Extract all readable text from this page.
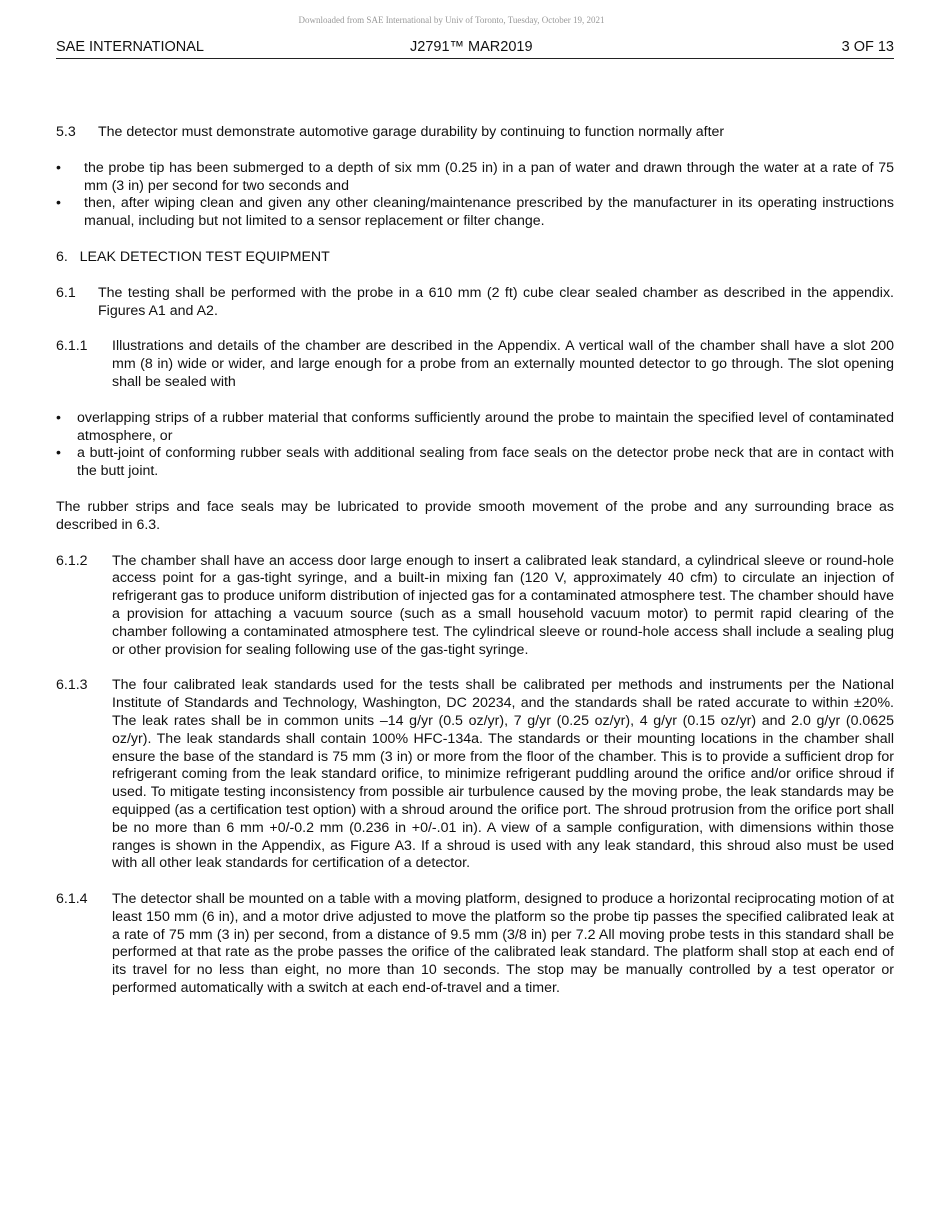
Downloaded from SAE International by Univ of Toronto, Tuesday, October 19, 2021
SAE INTERNATIONAL	J2791™ MAR2019	3 OF 13
5.3	The detector must demonstrate automotive garage durability by continuing to function normally after
•	the probe tip has been submerged to a depth of six mm (0.25 in) in a pan of water and drawn through the water at a rate of 75 mm (3 in) per second for two seconds and
•	then, after wiping clean and given any other cleaning/maintenance prescribed by the manufacturer in its operating instructions manual, including but not limited to a sensor replacement or filter change.

6.   LEAK DETECTION TEST EQUIPMENT

6.1	The testing shall be performed with the probe in a 610 mm (2 ft) cube clear sealed chamber as described in the appendix. Figures A1 and A2.
6.1.1	Illustrations and details of the chamber are described in the Appendix. A vertical wall of the chamber shall have a slot 200 mm (8 in) wide or wider, and large enough for a probe from an externally mounted detector to go through. The slot opening shall be sealed with
•	overlapping strips of a rubber material that conforms sufficiently around the probe to maintain the specified level of contaminated atmosphere, or
•	a butt-joint of conforming rubber seals with additional sealing from face seals on the detector probe neck that are in contact with the butt joint.

The rubber strips and face seals may be lubricated to provide smooth movement of the probe and any surrounding brace as described in 6.3.

6.1.2	The chamber shall have an access door large enough to insert a calibrated leak standard, a cylindrical sleeve or round-hole access point for a gas-tight syringe, and a built-in mixing fan (120 V, approximately 40 cfm) to circulate an injection of refrigerant gas to produce uniform distribution of injected gas for a contaminated atmosphere test. The chamber should have a provision for attaching a vacuum source (such as a small household vacuum motor) to permit rapid clearing of the chamber following a contaminated atmosphere test. The cylindrical sleeve or round-hole access shall include a sealing plug or other provision for sealing following use of the gas-tight syringe.
6.1.3	The four calibrated leak standards used for the tests shall be calibrated per methods and instruments per the National Institute of Standards and Technology, Washington, DC 20234, and the standards shall be rated accurate to within ±20%. The leak rates shall be in common units –14 g/yr (0.5 oz/yr), 7 g/yr (0.25 oz/yr), 4 g/yr (0.15 oz/yr) and 2.0 g/yr (0.0625 oz/yr). The leak standards shall contain 100% HFC-134a. The standards or their mounting locations in the chamber shall ensure the base of the standard is 75 mm (3 in) or more from the floor of the chamber. This is to provide a sufficient drop for refrigerant coming from the leak standard orifice, to minimize refrigerant puddling around the orifice and/or orifice shroud if used. To mitigate testing inconsistency from possible air turbulence caused by the moving probe, the leak standards may be equipped (as a certification test option) with a shroud around the orifice port. The shroud protrusion from the orifice port shall be no more than 6 mm +0/-0.2 mm (0.236 in +0/-.01 in). A view of a sample configuration, with dimensions within those ranges is shown in the Appendix, as Figure A3. If a shroud is used with any leak standard, this shroud also must be used with all other leak standards for certification of a detector.
6.1.4	The detector shall be mounted on a table with a moving platform, designed to produce a horizontal reciprocating motion of at least 150 mm (6 in), and a motor drive adjusted to move the platform so the probe tip passes the specified calibrated leak at a rate of 75 mm (3 in) per second, from a distance of 9.5 mm (3/8 in) per 7.2 All moving probe tests in this standard shall be performed at that rate as the probe passes the orifice of the calibrated leak standard. The platform shall stop at each end of its travel for no less than eight, no more than 10 seconds. The stop may be manually controlled by a test operator or performed automatically with a switch at each end-of-travel and a timer.
